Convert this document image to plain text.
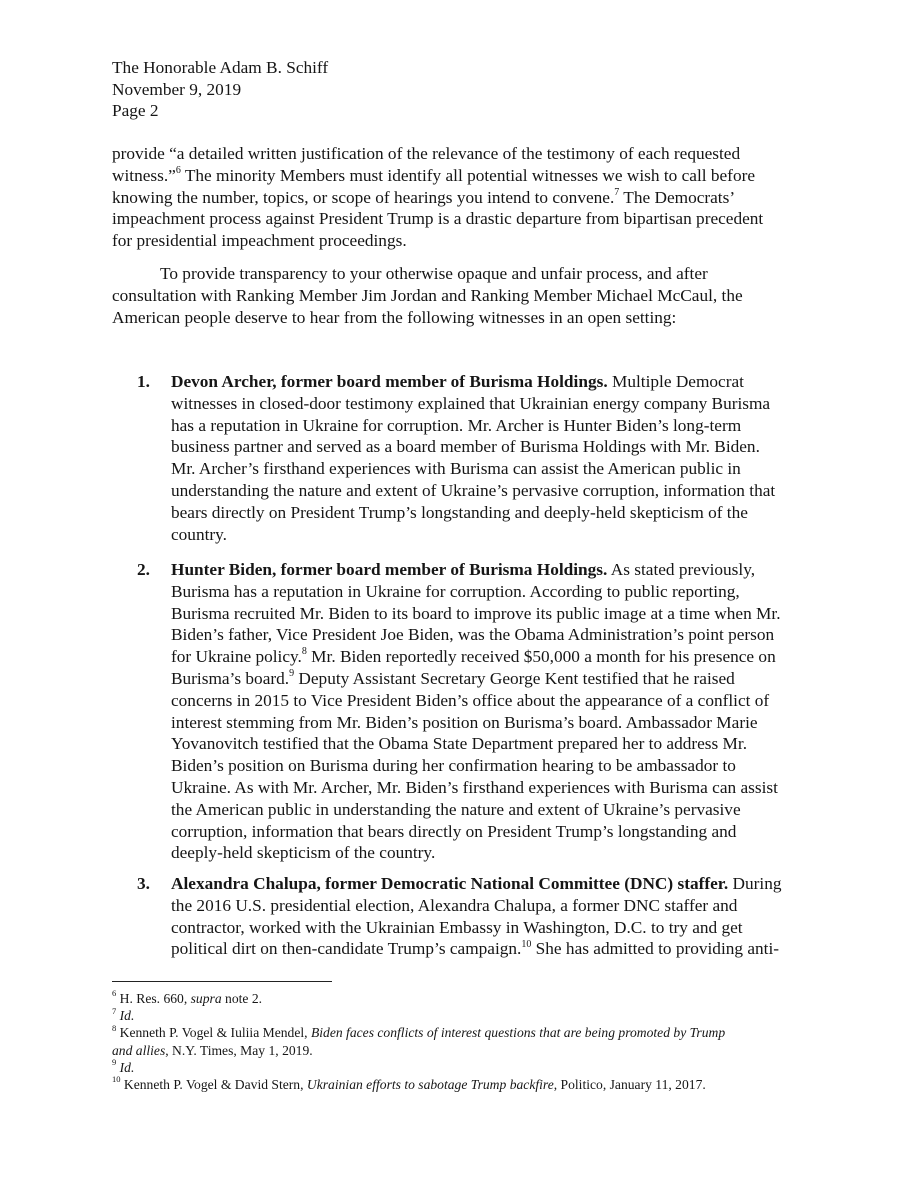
The Honorable Adam B. Schiff
November 9, 2019
Page 2
provide “a detailed written justification of the relevance of the testimony of each requested
witness.”$^6$ The minority Members must identify all potential witnesses we wish to call before
knowing the number, topics, or scope of hearings you intend to convene.$^7$ The Democrats’
impeachment process against President Trump is a drastic departure from bipartisan precedent
for presidential impeachment proceedings.
To provide transparency to your otherwise opaque and unfair process, and after
consultation with Ranking Member Jim Jordan and Ranking Member Michael McCaul, the
American people deserve to hear from the following witnesses in an open setting:
1. Devon Archer, former board member of Burisma Holdings. Multiple Democrat
witnesses in closed-door testimony explained that Ukrainian energy company Burisma
has a reputation in Ukraine for corruption. Mr. Archer is Hunter Biden’s long-term
business partner and served as a board member of Burisma Holdings with Mr. Biden.
Mr. Archer’s firsthand experiences with Burisma can assist the American public in
understanding the nature and extent of Ukraine’s pervasive corruption, information that
bears directly on President Trump’s longstanding and deeply-held skepticism of the
country.
2. Hunter Biden, former board member of Burisma Holdings. As stated previously,
Burisma has a reputation in Ukraine for corruption. According to public reporting,
Burisma recruited Mr. Biden to its board to improve its public image at a time when Mr.
Biden’s father, Vice President Joe Biden, was the Obama Administration’s point person
for Ukraine policy.$^8$ Mr. Biden reportedly received $50,000 a month for his presence on
Burisma’s board.$^9$ Deputy Assistant Secretary George Kent testified that he raised
concerns in 2015 to Vice President Biden’s office about the appearance of a conflict of
interest stemming from Mr. Biden’s position on Burisma’s board. Ambassador Marie
Yovanovitch testified that the Obama State Department prepared her to address Mr.
Biden’s position on Burisma during her confirmation hearing to be ambassador to
Ukraine. As with Mr. Archer, Mr. Biden’s firsthand experiences with Burisma can assist
the American public in understanding the nature and extent of Ukraine’s pervasive
corruption, information that bears directly on President Trump’s longstanding and
deeply-held skepticism of the country.
3. Alexandra Chalupa, former Democratic National Committee (DNC) staffer. During
the 2016 U.S. presidential election, Alexandra Chalupa, a former DNC staffer and
contractor, worked with the Ukrainian Embassy in Washington, D.C. to try and get
political dirt on then-candidate Trump’s campaign.$^{10}$ She has admitted to providing anti-
$^6$ H. Res. 660, supra note 2.
$^7$ Id.
$^8$ Kenneth P. Vogel & Iuliia Mendel, Biden faces conflicts of interest questions that are being promoted by Trump
and allies, N.Y. Times, May 1, 2019.
$^9$ Id.
$^{10}$ Kenneth P. Vogel & David Stern, Ukrainian efforts to sabotage Trump backfire, Politico, January 11, 2017.
